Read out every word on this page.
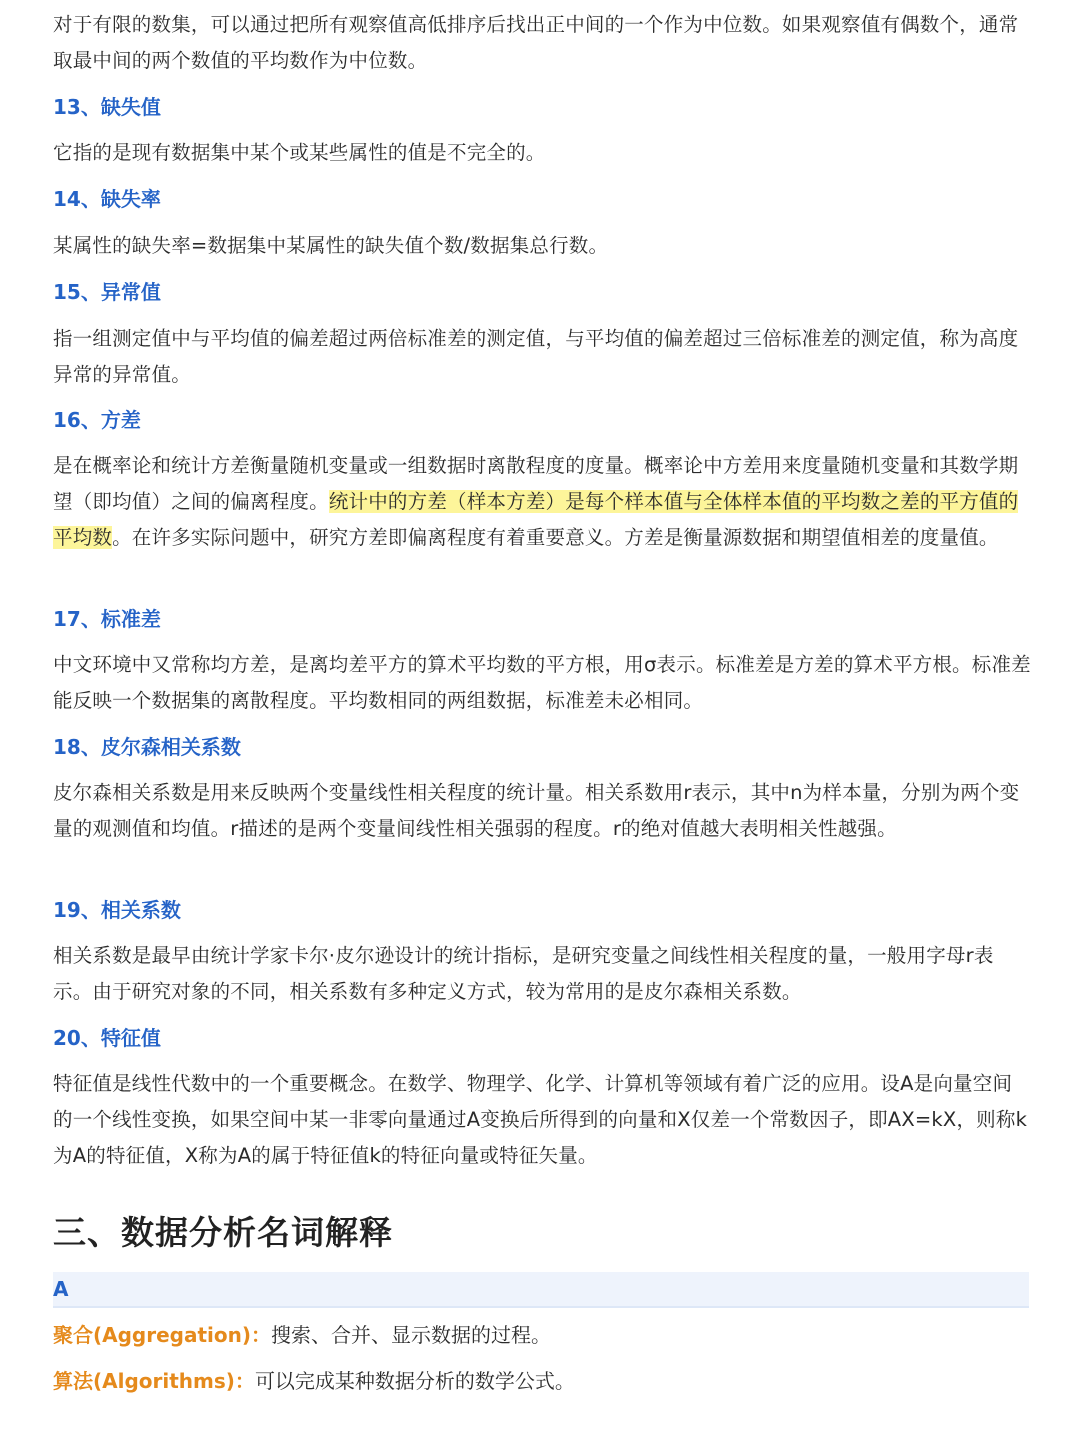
对于有限的数集，可以通过把所有观察值高低排序后找出正中间的一个作为中位数。如果观察值有偶数个，通常取最中间的两个数值的平均数作为中位数。

13、缺失值

它指的是现有数据集中某个或某些属性的值是不完全的。

14、缺失率

某属性的缺失率=数据集中某属性的缺失值个数/数据集总行数。

15、异常值

指一组测定值中与平均值的偏差超过两倍标准差的测定值，与平均值的偏差超过三倍标准差的测定值，称为高度异常的异常值。

16、方差

是在概率论和统计方差衡量随机变量或一组数据时离散程度的度量。概率论中方差用来度量随机变量和其数学期望（即均值）之间的偏离程度。统计中的方差（样本方差）是每个样本值与全体样本值的平均数之差的平方值的平均数。在许多实际问题中，研究方差即偏离程度有着重要意义。方差是衡量源数据和期望值相差的度量值。

17、标准差

中文环境中又常称均方差，是离均差平方的算术平均数的平方根，用σ表示。标准差是方差的算术平方根。标准差能反映一个数据集的离散程度。平均数相同的两组数据，标准差未必相同。

18、皮尔森相关系数

皮尔森相关系数是用来反映两个变量线性相关程度的统计量。相关系数用r表示，其中n为样本量，分别为两个变量的观测值和均值。r描述的是两个变量间线性相关强弱的程度。r的绝对值越大表明相关性越强。

19、相关系数

相关系数是最早由统计学家卡尔·皮尔逊设计的统计指标，是研究变量之间线性相关程度的量，一般用字母r表示。由于研究对象的不同，相关系数有多种定义方式，较为常用的是皮尔森相关系数。

20、特征值

特征值是线性代数中的一个重要概念。在数学、物理学、化学、计算机等领域有着广泛的应用。设A是向量空间的一个线性变换，如果空间中某一非零向量通过A变换后所得到的向量和X仅差一个常数因子，即AX=kX，则称k为A的特征值，X称为A的属于特征值k的特征向量或特征矢量。

三、数据分析名词解释
A

聚合(Aggregation)：搜索、合并、显示数据的过程。

算法(Algorithms)：可以完成某种数据分析的数学公式。
